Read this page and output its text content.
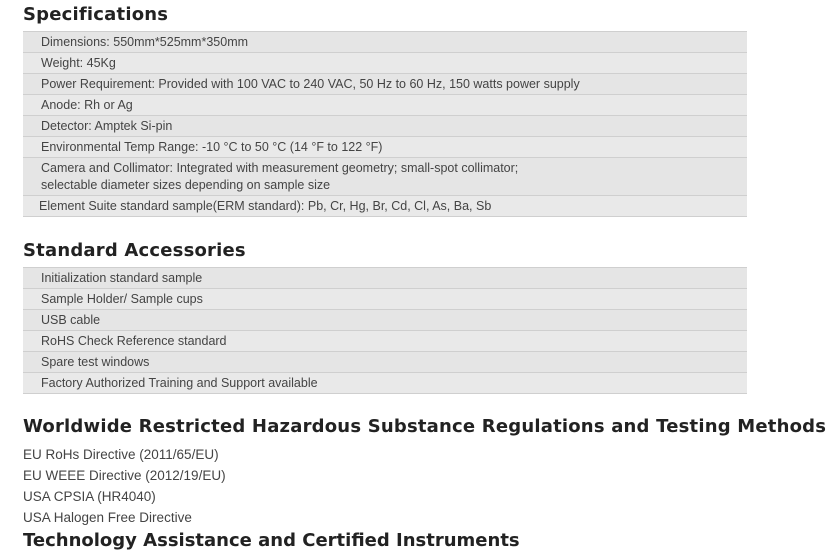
Specifications
Dimensions: 550mm*525mm*350mm
Weight: 45Kg
Power Requirement: Provided with 100 VAC to 240 VAC, 50 Hz to 60 Hz, 150 watts power supply
Anode: Rh or Ag
Detector: Amptek Si-pin
Environmental Temp Range: -10 °C to 50 °C (14 °F to 122 °F)
Camera and Collimator: Integrated with measurement geometry; small-spot collimator;
selectable diameter sizes depending on sample size
Element Suite standard sample(ERM standard): Pb, Cr, Hg, Br, Cd, Cl, As, Ba, Sb
Standard Accessories
Initialization standard sample
Sample Holder/ Sample cups
USB cable
RoHS Check Reference standard
Spare test windows
Factory Authorized Training and Support available
Worldwide Restricted Hazardous Substance Regulations and Testing Methods
EU RoHs Directive (2011/65/EU)
EU WEEE Directive (2012/19/EU)
USA CPSIA (HR4040)
USA Halogen Free Directive
Technology Assistance and Certified Instruments
